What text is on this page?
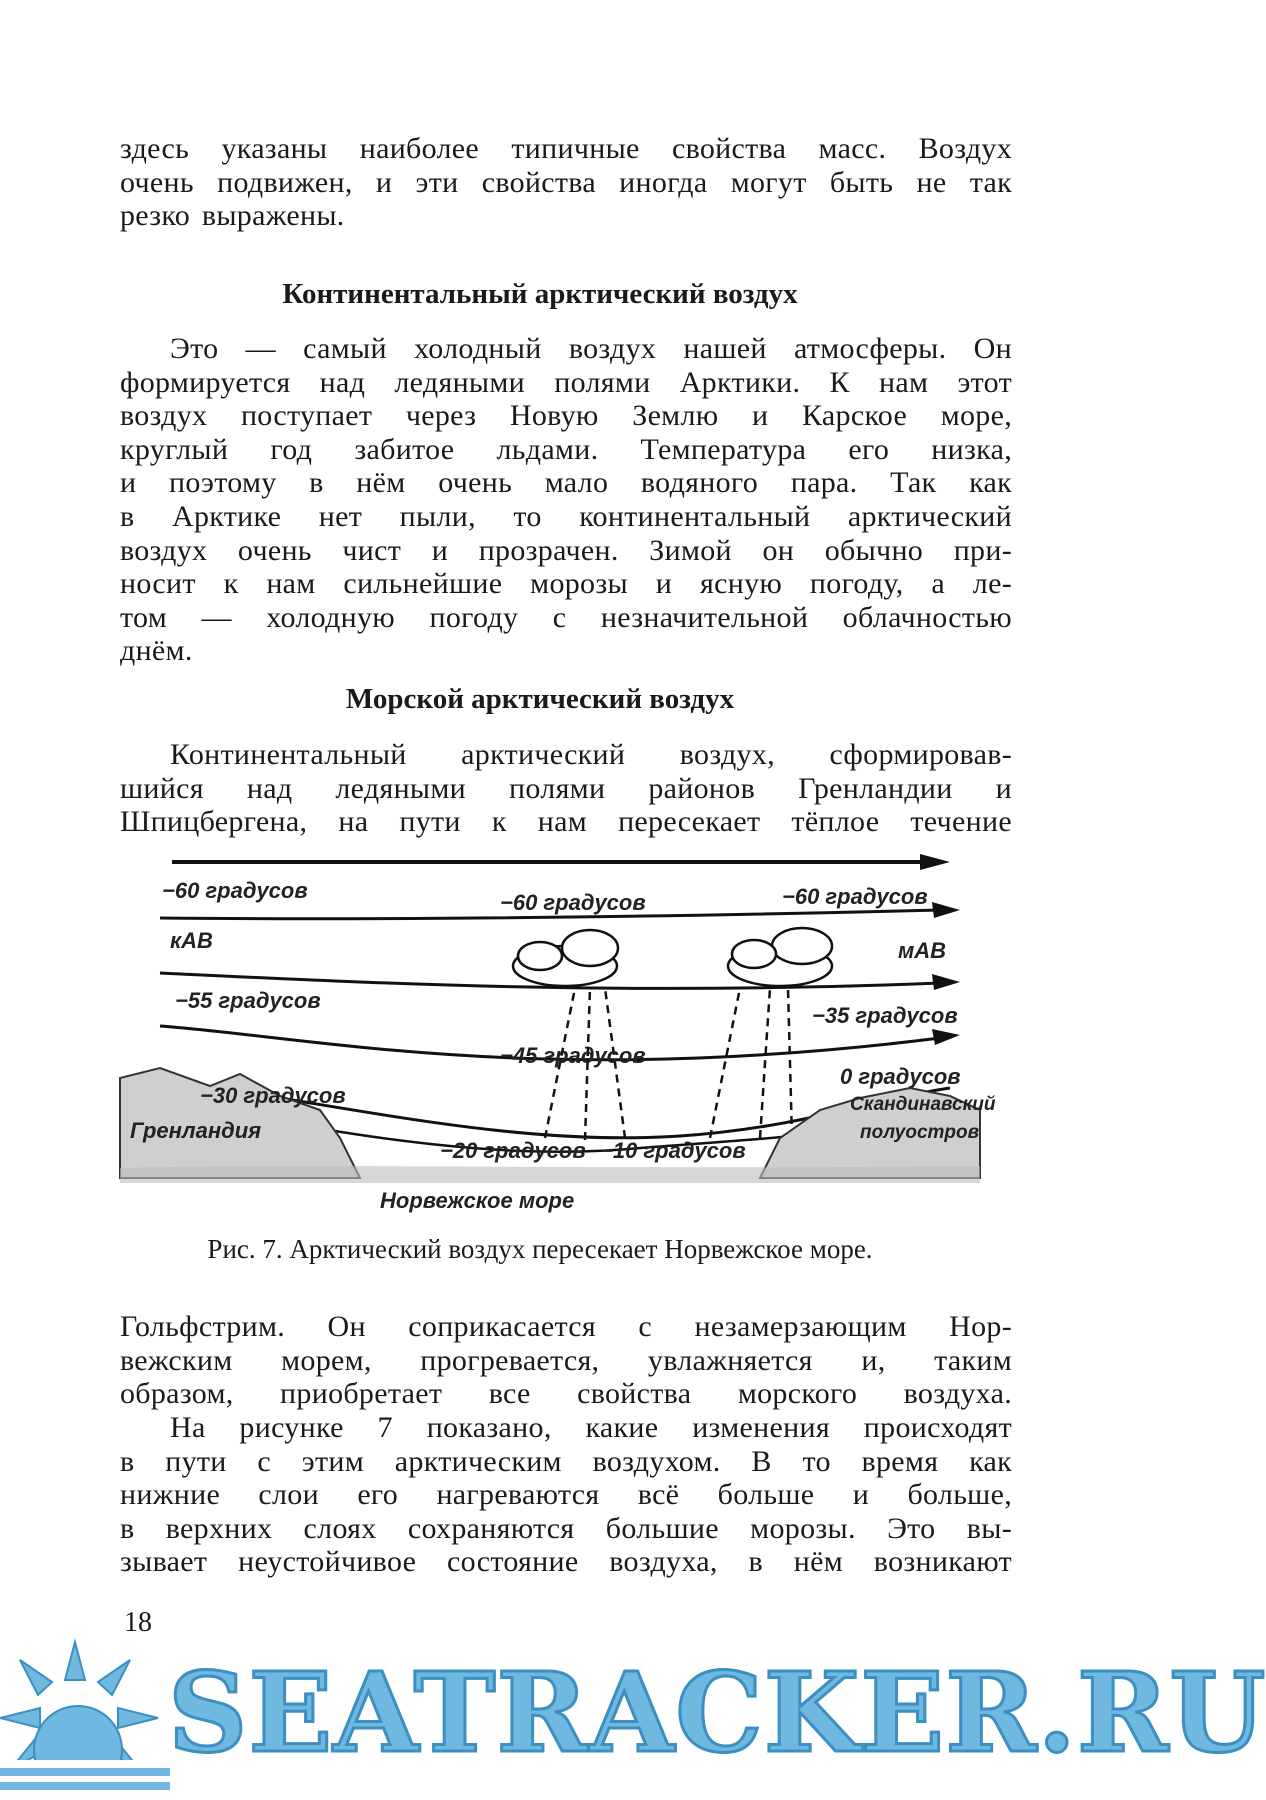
здесь указаны наиболее типичные свойства масс. Воздух
очень подвижен, и эти свойства иногда могут быть не так
резко выражены.
Континентальный арктический воздух
Это — самый холодный воздух нашей атмосферы. Он
формируется над ледяными полями Арктики. К нам этот
воздух поступает через Новую Землю и Карское море,
круглый год забитое льдами. Температура его низка,
и поэтому в нём очень мало водяного пара. Так как
в Арктике нет пыли, то континентальный арктический
воздух очень чист и прозрачен. Зимой он обычно при-
носит к нам сильнейшие морозы и ясную погоду, а ле-
том — холодную погоду с незначительной облачностью
днём.
Морской арктический воздух
Континентальный арктический воздух, сформировав-
шийся над ледяными полями районов Гренландии и
Шпицбергена, на пути к нам пересекает тёплое течение
−60 градусов	−60 градусов	−60 градусов
кАВ	мАВ
−55 градусов
−45 градусов
−35 градусов
−30 градусов
Гренландия
−20 градусов −10 градусов
0 градусов
Скандинавский
полуостров
Норвежское море

Рис. 7. Арктический воздух пересекает Норвежское море.

Гольфстрим. Он соприкасается с незамерзающим Нор-
вежским морем, прогревается, увлажняется и, таким
образом, приобретает все свойства морского воздуха.
На рисунке 7 показано, какие изменения происходят
в пути с этим арктическим воздухом. В то время как
нижние слои его нагреваются всё больше и больше,
в верхних слоях сохраняются большие морозы. Это вы-
зывает неустойчивое состояние воздуха, в нём возникают
18
SEATRACKER.RU
